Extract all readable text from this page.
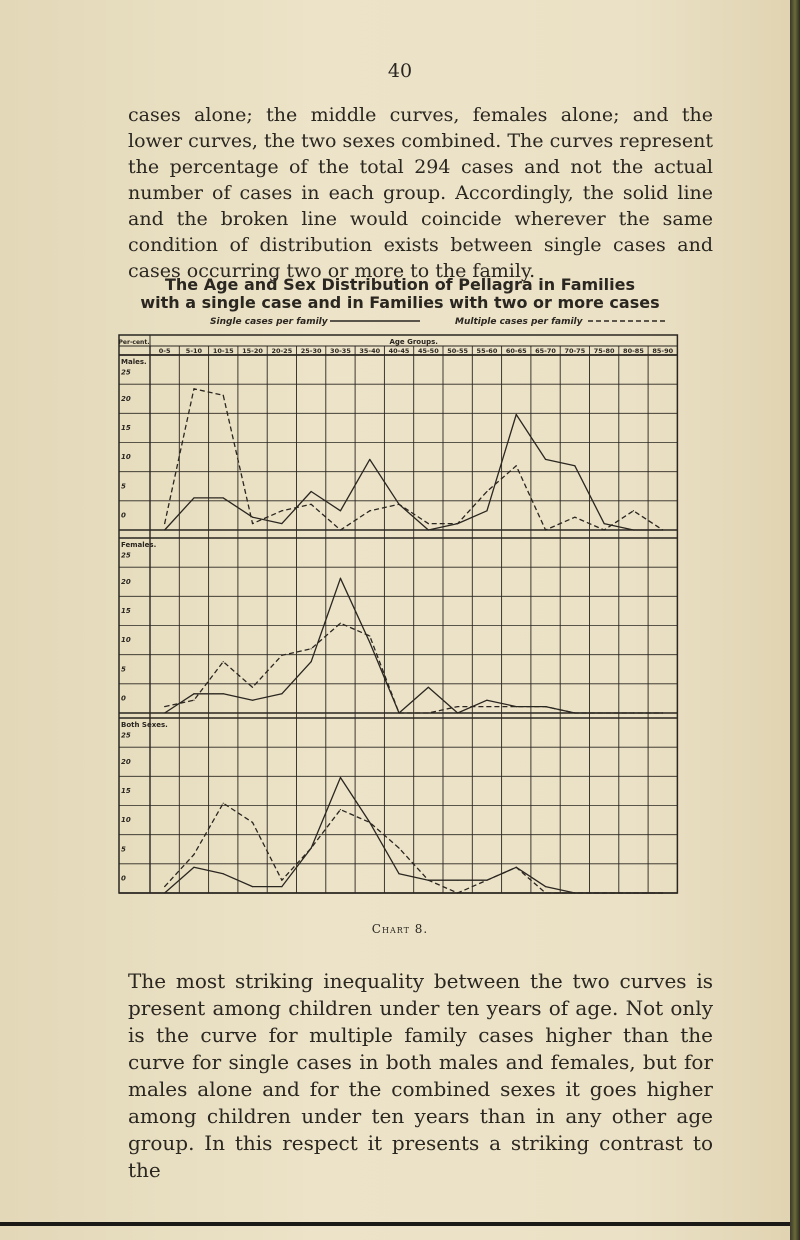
40

cases alone; the middle curves, females alone; and the lower curves, the two sexes combined. The curves represent the percentage of the total 294 cases and not the actual number of cases in each group. Accordingly, the solid line and the broken line would coincide wherever the same condition of distribution exists between single cases and cases occurring two or more to the family.

The Age and Sex Distribution of Pellagra in Families
with a single case and in Families with two or more cases
Single cases per family	Multiple cases per family
Per-cent.	Age Groups.
0-5 5-10 10-15 15-20 20-25 25-30 30-35 35-40 40-45 45-50 50-55 55-60 60-65 65-70 70-75 75-80 80-85 85-90
Males.
25
20
15
10
5
0
Females.
25
20
15
10
5
0
Both Sexes.
25
20
15
10
5
0
Chart 8.

The most striking inequality between the two curves is present among children under ten years of age. Not only is the curve for multiple family cases higher than the curve for single cases in both males and females, but for males alone and for the combined sexes it goes higher among children under ten years than in any other age group. In this respect it presents a striking contrast to the
